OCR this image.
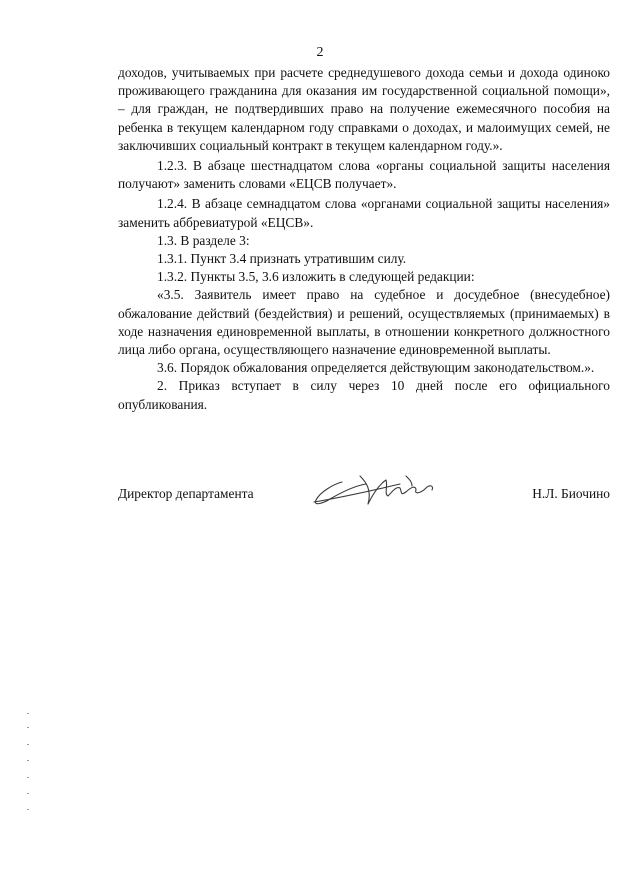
2

доходов, учитываемых при расчете среднедушевого дохода семьи и дохода одиноко проживающего гражданина для оказания им государственной социальной помощи», – для граждан, не подтвердивших право на получение ежемесячного пособия на ребенка в текущем календарном году справками о доходах, и малоимущих семей, не заключивших социальный контракт в текущем календарном году.».

1.2.3. В абзаце шестнадцатом слова «органы социальной защиты населения получают» заменить словами «ЕЦСВ получает».

1.2.4. В абзаце семнадцатом слова «органами социальной защиты населения» заменить аббревиатурой «ЕЦСВ».

1.3. В разделе 3:

1.3.1. Пункт 3.4 признать утратившим силу.

1.3.2. Пункты 3.5, 3.6 изложить в следующей редакции:

«3.5. Заявитель имеет право на судебное и досудебное (внесудебное) обжалование действий (бездействия) и решений, осуществляемых (принимаемых) в ходе назначения единовременной выплаты, в отношении конкретного должностного лица либо органа, осуществляющего назначение единовременной выплаты.

3.6. Порядок обжалования определяется действующим законодательством.».

2. Приказ вступает в силу через 10 дней после его официального опубликования.

Директор департамента	Н.Л. Биочино
